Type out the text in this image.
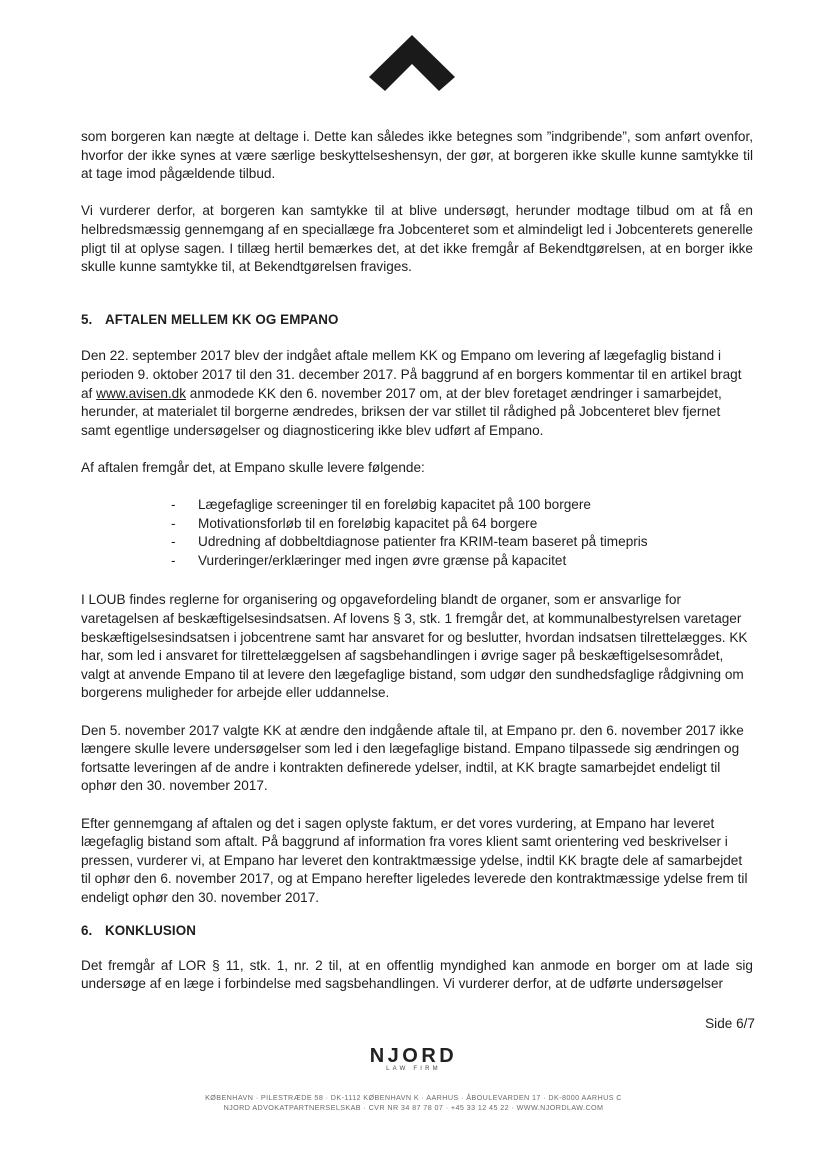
som borgeren kan nægte at deltage i. Dette kan således ikke betegnes som ”indgribende”, som anført ovenfor, hvorfor der ikke synes at være særlige beskyttelseshensyn, der gør, at borgeren ikke skulle kunne samtykke til at tage imod pågældende tilbud.

Vi vurderer derfor, at borgeren kan samtykke til at blive undersøgt, herunder modtage tilbud om at få en helbredsmæssig gennemgang af en speciallæge fra Jobcenteret som et almindeligt led i Jobcenterets generelle pligt til at oplyse sagen. I tillæg hertil bemærkes det, at det ikke fremgår af Bekendtgørelsen, at en borger ikke skulle kunne samtykke til, at Bekendtgørelsen fraviges.

5. AFTALEN MELLEM KK OG EMPANO

Den 22. september 2017 blev der indgået aftale mellem KK og Empano om levering af lægefaglig bistand i perioden 9. oktober 2017 til den 31. december 2017. På baggrund af en borgers kommentar til en artikel bragt af www.avisen.dk anmodede KK den 6. november 2017 om, at der blev foretaget ændringer i samarbejdet, herunder, at materialet til borgerne ændredes, briksen der var stillet til rådighed på Jobcenteret blev fjernet samt egentlige undersøgelser og diagnosticering ikke blev udført af Empano.

Af aftalen fremgår det, at Empano skulle levere følgende:

- Lægefaglige screeninger til en foreløbig kapacitet på 100 borgere
- Motivationsforløb til en foreløbig kapacitet på 64 borgere
- Udredning af dobbeltdiagnose patienter fra KRIM-team baseret på timepris
- Vurderinger/erklæringer med ingen øvre grænse på kapacitet

I LOUB findes reglerne for organisering og opgavefordeling blandt de organer, som er ansvarlige for varetagelsen af beskæftigelsesindsatsen. Af lovens § 3, stk. 1 fremgår det, at kommunalbestyrelsen varetager beskæftigelsesindsatsen i jobcentrene samt har ansvaret for og beslutter, hvordan indsatsen tilrettelægges. KK har, som led i ansvaret for tilrettelæggelsen af sagsbehandlingen i øvrige sager på beskæftigelsesområdet, valgt at anvende Empano til at levere den lægefaglige bistand, som udgør den sundhedsfaglige rådgivning om borgerens muligheder for arbejde eller uddannelse.

Den 5. november 2017 valgte KK at ændre den indgående aftale til, at Empano pr. den 6. november 2017 ikke længere skulle levere undersøgelser som led i den lægefaglige bistand. Empano tilpassede sig ændringen og fortsatte leveringen af de andre i kontrakten definerede ydelser, indtil, at KK bragte samarbejdet endeligt til ophør den 30. november 2017.

Efter gennemgang af aftalen og det i sagen oplyste faktum, er det vores vurdering, at Empano har leveret lægefaglig bistand som aftalt. På baggrund af information fra vores klient samt orientering ved beskrivelser i pressen, vurderer vi, at Empano har leveret den kontraktmæssige ydelse, indtil KK bragte dele af samarbejdet til ophør den 6. november 2017, og at Empano herefter ligeledes leverede den kontraktmæssige ydelse frem til endeligt ophør den 30. november 2017.

6. KONKLUSION

Det fremgår af LOR § 11, stk. 1, nr. 2 til, at en offentlig myndighed kan anmode en borger om at lade sig undersøge af en læge i forbindelse med sagsbehandlingen. Vi vurderer derfor, at de udførte undersøgelser

Side 6/7
NJORD
LAW FIRM
KØBENHAVN · PILESTRÆDE 58 · DK-1112 KØBENHAVN K · AARHUS · ÅBOULEVARDEN 17 · DK-8000 AARHUS C
NJORD ADVOKATPARTNERSELSKAB · CVR NR 34 87 78 07 · +45 33 12 45 22 · WWW.NJORDLAW.COM
